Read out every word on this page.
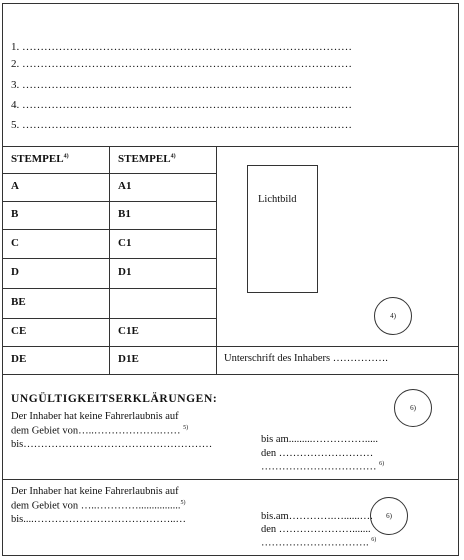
1. ………………………………………………………………………………
2. ………………………………………………………………………………
3. ………………………………………………………………………………
4. ………………………………………………………………………………
5. ………………………………………………………………………………
STEMPEL$^{4)}$	STEMPEL$^{4)}$
A	A1
B	B1
C	C1
D	D1
BE
CE	C1E
DE	D1E
Lichtbild
4)
Unterschrift des Inhabers …………….
UNGÜLTIGKEITSERKLÄRUNGEN:
6)
Der Inhaber hat keine Fahrerlaubnis auf
dem Gebiet von…..……………….…… $^{5)}$
bis………………………………………………	bis am.........…………….....
den ………………………
…………………………… $^{6)}$
Der Inhaber hat keine Fahrerlaubnis auf
dem Gebiet von …..…………................$^{5)}$
bis....…………………………………..…	6)
bis.am………….…......….
den ………………….......
…………………………. $^{6)}$
